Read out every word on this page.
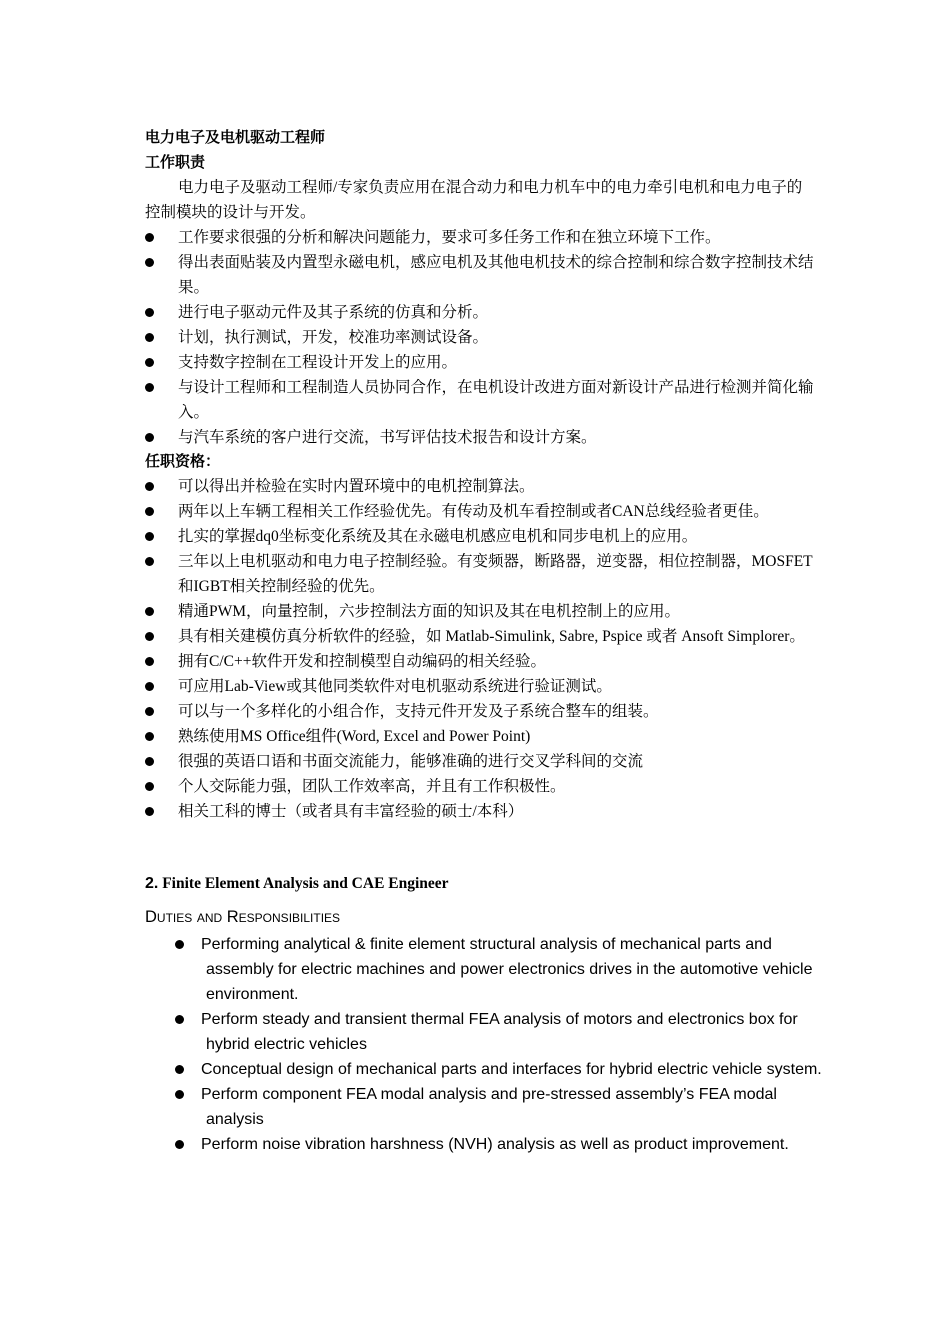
电力电子及电机驱动工程师
工作职责
电力电子及驱动工程师/专家负责应用在混合动力和电力机车中的电力牵引电机和电力电子的控制模块的设计与开发。
工作要求很强的分析和解决问题能力，要求可多任务工作和在独立环境下工作。
得出表面贴装及内置型永磁电机，感应电机及其他电机技术的综合控制和综合数字控制技术结果。
进行电子驱动元件及其子系统的仿真和分析。
计划，执行测试，开发，校准功率测试设备。
支持数字控制在工程设计开发上的应用。
与设计工程师和工程制造人员协同合作，在电机设计改进方面对新设计产品进行检测并简化输入。
与汽车系统的客户进行交流，书写评估技术报告和设计方案。
任职资格：
可以得出并检验在实时内置环境中的电机控制算法。
两年以上车辆工程相关工作经验优先。有传动及机车看控制或者CAN总线经验者更佳。
扎实的掌握dq0坐标变化系统及其在永磁电机感应电机和同步电机上的应用。
三年以上电机驱动和电力电子控制经验。有变频器，断路器，逆变器，相位控制器，MOSFET和IGBT相关控制经验的优先。
精通PWM，向量控制，六步控制法方面的知识及其在电机控制上的应用。
具有相关建模仿真分析软件的经验，如 Matlab-Simulink, Sabre, Pspice 或者 Ansoft Simplorer。
拥有C/C++软件开发和控制模型自动编码的相关经验。
可应用Lab-View或其他同类软件对电机驱动系统进行验证测试。
可以与一个多样化的小组合作，支持元件开发及子系统合整车的组装。
熟练使用MS Office组件(Word, Excel and Power Point)
很强的英语口语和书面交流能力，能够准确的进行交叉学科间的交流
个人交际能力强，团队工作效率高，并且有工作积极性。
相关工科的博士（或者具有丰富经验的硕士/本科）
2. Finite Element Analysis and CAE Engineer
Duties and Responsibilities
Performing analytical & finite element structural analysis of mechanical parts and assembly for electric machines and power electronics drives in the automotive vehicle environment.
Perform steady and transient thermal FEA analysis of motors and electronics box for hybrid electric vehicles
Conceptual design of mechanical parts and interfaces for hybrid electric vehicle system.
Perform component FEA modal analysis and pre-stressed assembly’s FEA modal analysis
Perform noise vibration harshness (NVH) analysis as well as product improvement.
